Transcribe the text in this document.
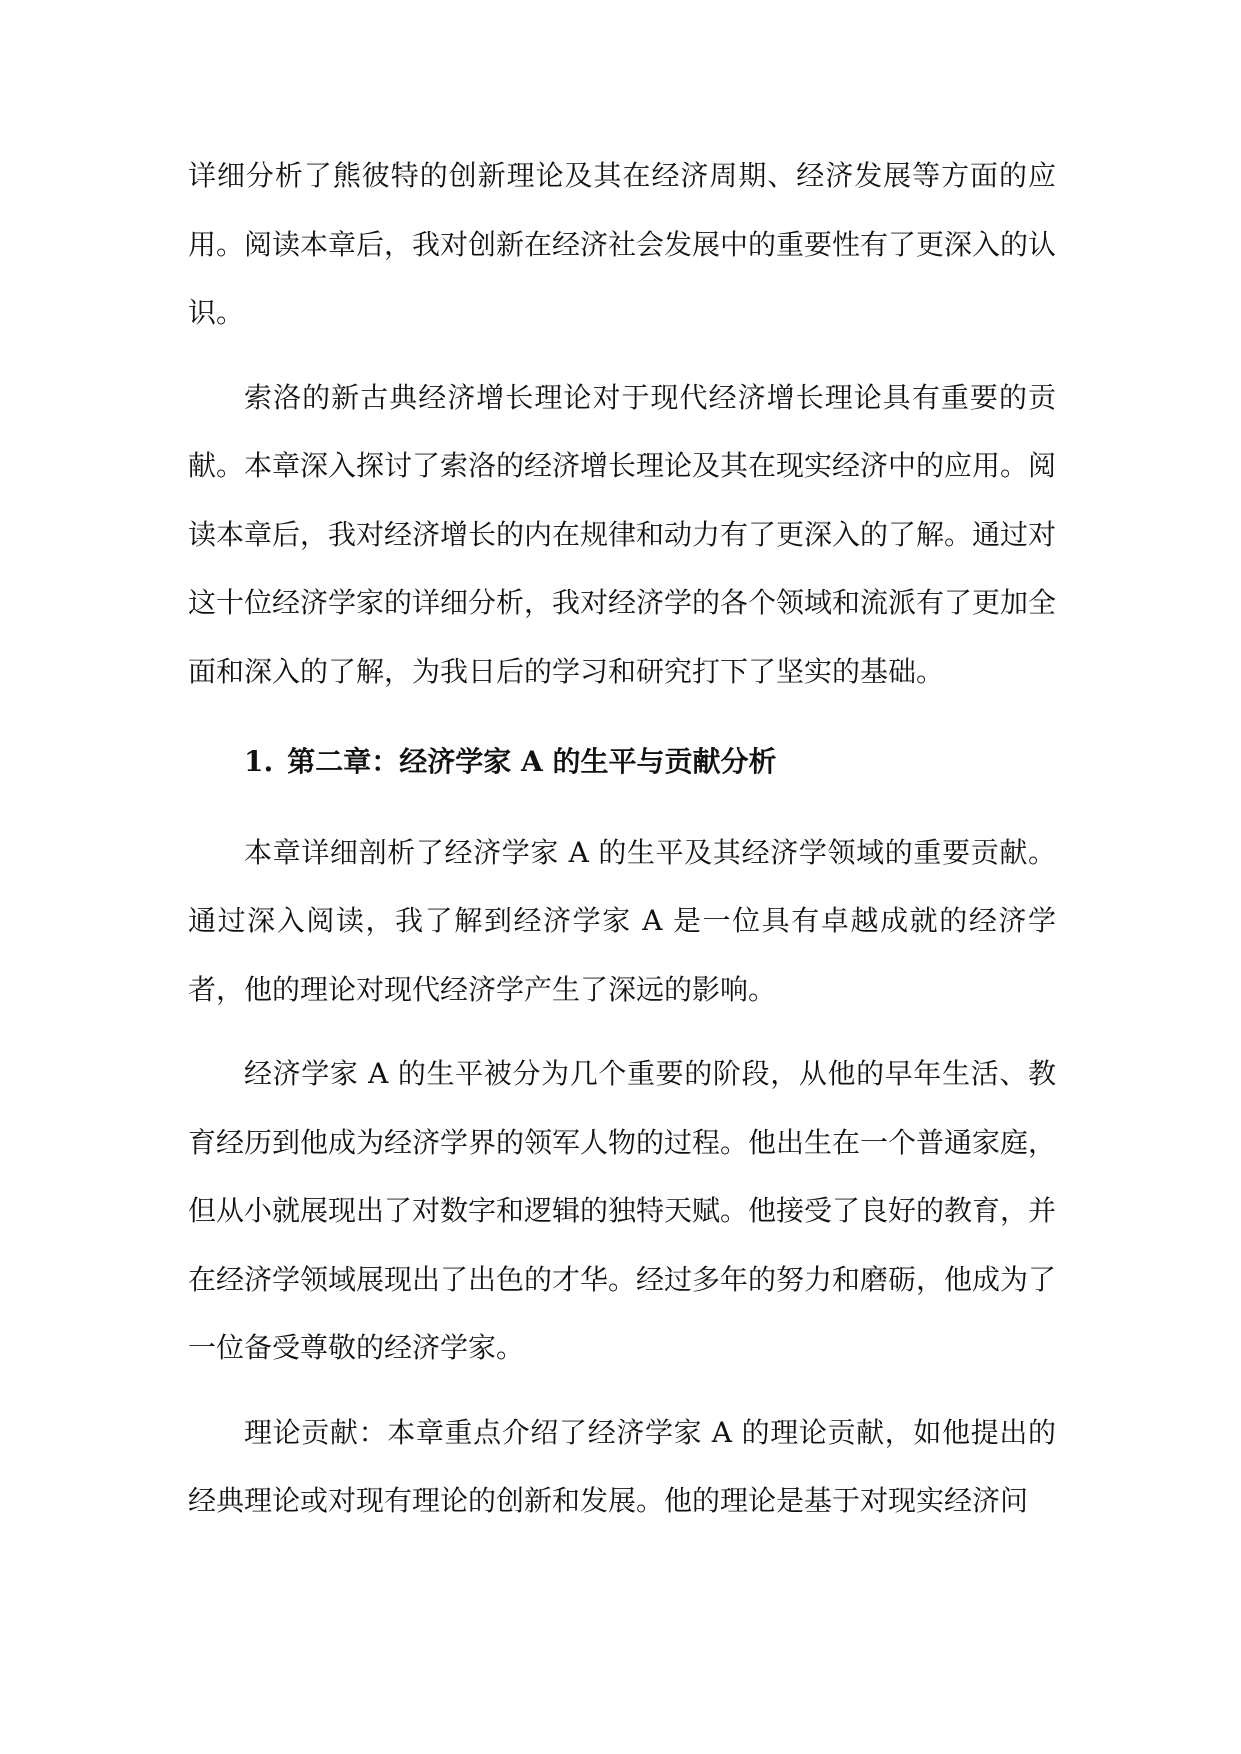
详细分析了熊彼特的创新理论及其在经济周期、经济发展等方面的应用。阅读本章后，我对创新在经济社会发展中的重要性有了更深入的认识。

索洛的新古典经济增长理论对于现代经济增长理论具有重要的贡献。本章深入探讨了索洛的经济增长理论及其在现实经济中的应用。阅读本章后，我对经济增长的内在规律和动力有了更深入的了解。通过对这十位经济学家的详细分析，我对经济学的各个领域和流派有了更加全面和深入的了解，为我日后的学习和研究打下了坚实的基础。

1. 第二章：经济学家 A 的生平与贡献分析

本章详细剖析了经济学家 A 的生平及其经济学领域的重要贡献。通过深入阅读，我了解到经济学家 A 是一位具有卓越成就的经济学者，他的理论对现代经济学产生了深远的影响。

经济学家 A 的生平被分为几个重要的阶段，从他的早年生活、教育经历到他成为经济学界的领军人物的过程。他出生在一个普通家庭，但从小就展现出了对数字和逻辑的独特天赋。他接受了良好的教育，并在经济学领域展现出了出色的才华。经过多年的努力和磨砺，他成为了一位备受尊敬的经济学家。

理论贡献：本章重点介绍了经济学家 A 的理论贡献，如他提出的经典理论或对现有理论的创新和发展。他的理论是基于对现实经济问
